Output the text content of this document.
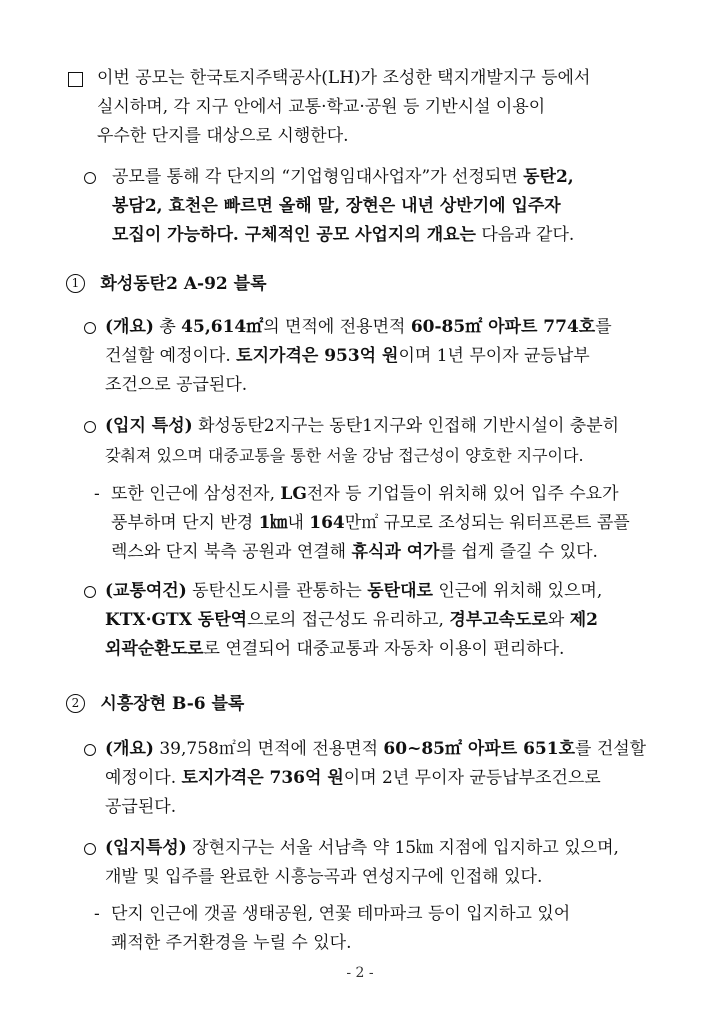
이번 공모는 한국토지주택공사(LH)가 조성한 택지개발지구 등에서
실시하며, 각 지구 안에서 교통·학교·공원 등 기반시설 이용이
우수한 단지를 대상으로 시행한다.
공모를 통해 각 단지의 “기업형임대사업자”가 선정되면 동탄2,
봉담2, 효천은 빠르면 올해 말, 장현은 내년 상반기에 입주자
모집이 가능하다. 구체적인 공모 사업지의 개요는 다음과 같다.
1 화성동탄2 A-92 블록
(개요) 총 45,614㎡의 면적에 전용면적 60-85㎡ 아파트 774호를
건설할 예정이다. 토지가격은 953억 원이며 1년 무이자 균등납부
조건으로 공급된다.
(입지 특성) 화성동탄2지구는 동탄1지구와 인접해 기반시설이 충분히
갖춰져 있으며 대중교통을 통한 서울 강남 접근성이 양호한 지구이다.
- 또한 인근에 삼성전자, LG전자 등 기업들이 위치해 있어 입주 수요가
풍부하며 단지 반경 1㎞내 164만㎡ 규모로 조성되는 워터프론트 콤플
렉스와 단지 북측 공원과 연결해 휴식과 여가를 쉽게 즐길 수 있다.
(교통여건) 동탄신도시를 관통하는 동탄대로 인근에 위치해 있으며,
KTX·GTX 동탄역으로의 접근성도 유리하고, 경부고속도로와 제2
외곽순환도로로 연결되어 대중교통과 자동차 이용이 편리하다.
2 시흥장현 B-6 블록
(개요) 39,758㎡의 면적에 전용면적 60~85㎡ 아파트 651호를 건설할
예정이다. 토지가격은 736억 원이며 2년 무이자 균등납부조건으로
공급된다.
(입지특성) 장현지구는 서울 서남측 약 15㎞ 지점에 입지하고 있으며,
개발 및 입주를 완료한 시흥능곡과 연성지구에 인접해 있다.
- 단지 인근에 갯골 생태공원, 연꽃 테마파크 등이 입지하고 있어
쾌적한 주거환경을 누릴 수 있다.
- 2 -
